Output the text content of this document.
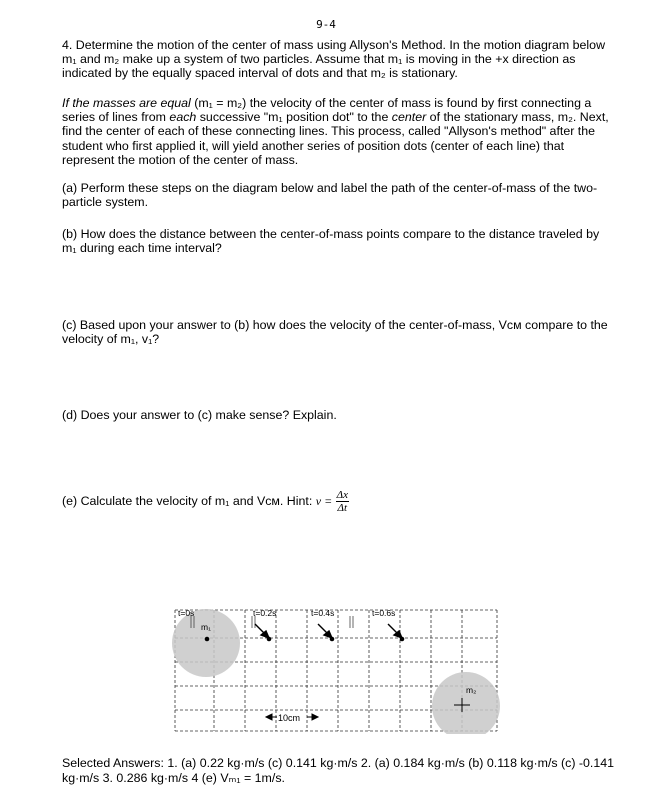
9-4

4. Determine the motion of the center of mass using Allyson's Method. In the motion diagram below m₁ and m₂ make up a system of two particles. Assume that m₁ is moving in the +x direction as indicated by the equally spaced interval of dots and that m₂ is stationary.

If the masses are equal (m₁ = m₂) the velocity of the center of mass is found by first connecting a series of lines from each successive "m₁ position dot" to the center of the stationary mass, m₂. Next, find the center of each of these connecting lines. This process, called "Allyson's method" after the student who first applied it, will yield another series of position dots (center of each line) that represent the motion of the center of mass.

(a) Perform these steps on the diagram below and label the path of the center-of-mass of the two-particle system.

(b) How does the distance between the center-of-mass points compare to the distance traveled by m₁ during each time interval?

(c) Based upon your answer to (b) how does the velocity of the center-of-mass, Vᴄᴍ compare to the velocity of m₁, v₁?

(d) Does your answer to (c) make sense? Explain.

(e) Calculate the velocity of m₁ and Vᴄᴍ. Hint: $v = \frac{\Delta x}{\Delta t}$
t=0s	t=0.2s	t=0.4s	t=0.6s
m₁
m₂
10cm
Selected Answers: 1. (a) 0.22 kg·m/s (c) 0.141 kg·m/s 2. (a) 0.184 kg·m/s (b) 0.118 kg·m/s (c) -0.141 kg·m/s 3. 0.286 kg·m/s 4 (e) Vₘ₁ = 1m/s.
